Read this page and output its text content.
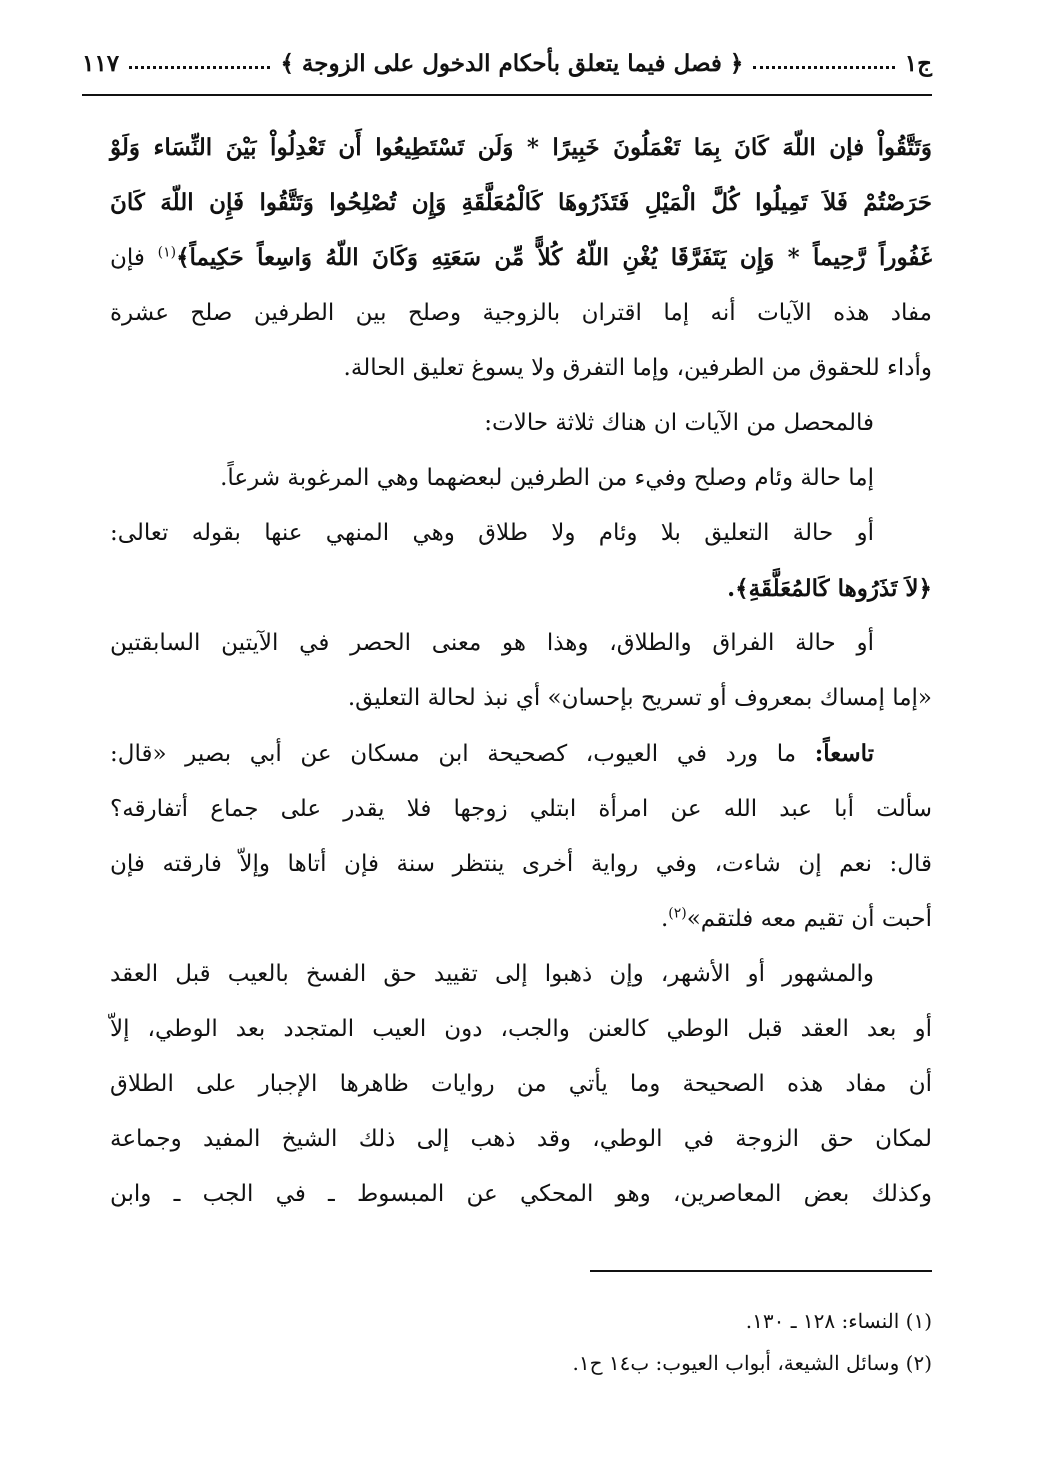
ج١
﴿ فصل فيما يتعلق بأحكام الدخول على الزوجة ﴾
١١٧

وَتَتَّقُواْ فإن اللّهَ كَانَ بِمَا تَعْمَلُونَ خَبِيرًا * وَلَن تَسْتَطِيعُوا أَن تَعْدِلُواْ بَيْنَ النِّسَاء وَلَوْ

حَرَصْتُمْ فَلاَ تَمِيلُوا كُلَّ الْمَيْلِ فَتَذَرُوهَا كَالْمُعَلَّقَةِ وَإِن تُصْلِحُوا وَتَتَّقُوا فَإِن اللّهَ كَانَ

غَفُوراً رَّحِيماً * وَإِن يَتَفَرَّقَا يُغْنِ اللّهُ كُلاًّ مِّن سَعَتِهِ وَكَانَ اللّهُ وَاسِعاً حَكِيماً﴾$^{(١)}$ فإن

مفاد هذه الآيات أنه إما اقتران بالزوجية وصلح بين الطرفين صلح عشرة

وأداء للحقوق من الطرفين، وإما التفرق ولا يسوغ تعليق الحالة.

فالمحصل من الآيات ان هناك ثلاثة حالات:

إما حالة وئام وصلح وفيء من الطرفين لبعضهما وهي المرغوبة شرعاً.

أو حالة التعليق بلا وئام ولا طلاق وهي المنهي عنها بقوله تعالى:

﴿لاَ تَذَرُوها كَالمُعَلَّقَةِ﴾.

أو حالة الفراق والطلاق، وهذا هو معنى الحصر في الآيتين السابقتين

«إما إمساك بمعروف أو تسريح بإحسان» أي نبذ لحالة التعليق.

تاسعاً: ما ورد في العيوب، كصحيحة ابن مسكان عن أبي بصير «قال:

سألت أبا عبد الله عن امرأة ابتلي زوجها فلا يقدر على جماع أتفارقه؟

قال: نعم إن شاءت، وفي رواية أخرى ينتظر سنة فإن أتاها وإلاّ فارقته فإن

أحبت أن تقيم معه فلتقم»$^{(٢)}$.

والمشهور أو الأشهر، وإن ذهبوا إلى تقييد حق الفسخ بالعيب قبل العقد

أو بعد العقد قبل الوطي كالعنن والجب، دون العيب المتجدد بعد الوطي، إلاّ

أن مفاد هذه الصحيحة وما يأتي من روايات ظاهرها الإجبار على الطلاق

لمكان حق الزوجة في الوطي، وقد ذهب إلى ذلك الشيخ المفيد وجماعة

وكذلك بعض المعاصرين، وهو المحكي عن المبسوط ـ في الجب ـ وابن

(١) النساء: ١٢٨ ـ ١٣٠.
(٢) وسائل الشيعة، أبواب العيوب: ب١٤ ح١.
